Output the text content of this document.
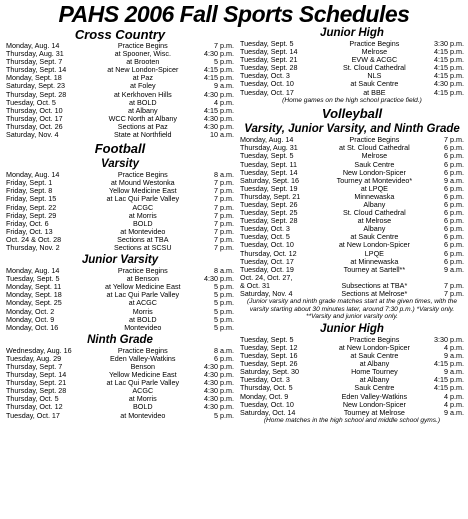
PAHS 2006 Fall Sports Schedules
Cross Country
Monday, Aug. 14	Practice Begins	7 p.m.
Thursday, Aug. 31	at Spooner, Wisc.	4:30 p.m.
Thursday, Sept. 7	at Brooten	5 p.m.
Thursday, Sept. 14	at New London-Spicer	4:15 p.m.
Monday, Sept. 18	at Paz	4:15 p.m.
Saturday, Sept. 23	at Foley	9 a.m.
Thursday, Sept. 28	at Kerkhoven Hills	4:30 p.m.
Tuesday, Oct. 5	at BOLD	4 p.m.
Thursday, Oct. 10	at Albany	4:15 p.m.
Thursday, Oct. 17	WCC North at Albany	4:30 p.m.
Thursday, Oct. 26	Sections at Paz	4:30 p.m.
Saturday, Nov. 4	State at Northfield	10 a.m.
Football
Varsity
Monday, Aug. 14	Practice Begins	8 a.m.
Friday, Sept. 1	at Mound Westonka	7 p.m.
Friday, Sept. 8	Yellow Medicine East	7 p.m.
Friday, Sept. 15	at Lac Qui Parle Valley	7 p.m.
Friday, Sept. 22	ACGC	7 p.m.
Friday, Sept. 29	at Morris	7 p.m.
Friday, Oct. 6	BOLD	7 p.m.
Friday, Oct. 13	at Montevideo	7 p.m.
Oct. 24 & Oct. 28	Sections at TBA	7 p.m.
Thursday, Nov. 2	Sections at SCSU	7 p.m.
Junior Varsity
Monday, Aug. 14	Practice Begins	8 a.m.
Tuesday, Sept. 5	at Benson	4:30 p.m.
Monday, Sept. 11	at Yellow Medicine East	5 p.m.
Monday, Sept. 18	at Lac Qui Parle Valley	5 p.m.
Monday, Sept. 25	at ACGC	5 p.m.
Monday, Oct. 2	Morris	5 p.m.
Monday, Oct. 9	at BOLD	5 p.m.
Monday, Oct. 16	Montevideo	5 p.m.
Ninth Grade
Wednesday, Aug. 16	Practice Begins	8 a.m.
Tuesday, Aug. 29	Eden Valley-Watkins	6 p.m.
Thursday, Sept. 7	Benson	4:30 p.m.
Thursday, Sept. 14	Yellow Medicine East	4:30 p.m.
Thursday, Sept. 21	at Lac Qui Parle Valley	4:30 p.m.
Thursday, Sept. 28	ACGC	4:30 p.m.
Thursday, Oct. 5	at Morris	4:30 p.m.
Thursday, Oct. 12	BOLD	4:30 p.m.
Tuesday, Oct. 17	at Montevideo	5 p.m.
Junior High
Tuesday, Sept. 5	Practice Begins	3:30 p.m.
Tuesday, Sept. 14	Melrose	4:15 p.m.
Tuesday, Sept. 21	EVW & ACGC	4:15 p.m.
Tuesday, Sept. 28	St. Cloud Cathedral	4:15 p.m.
Tuesday, Oct. 3	NLS	4:15 p.m.
Tuesday, Oct. 10	at Sauk Centre	4:30 p.m.
Tuesday, Oct. 17	at BBE	4:15 p.m.
(Home games on the high school practice field.)
Volleyball
Varsity, Junior Varsity, and Ninth Grade
Monday, Aug. 14	Practice Begins	7 p.m.
Thursday, Aug. 31	at St. Cloud Cathedral	6 p.m.
Tuesday, Sept. 5	Melrose	6 p.m.
Tuesday, Sept. 11	Sauk Centre	6 p.m.
Tuesday, Sept. 14	New London-Spicer	6 p.m.
Saturday, Sept. 16	Tourney at Montevideo*	9 a.m.
Tuesday, Sept. 19	at LPQE	6 p.m.
Thursday, Sept. 21	Minnewaska	6 p.m.
Tuesday, Sept. 26	Albany	6 p.m.
Tuesday, Sept. 25	St. Cloud Cathedral	6 p.m.
Tuesday, Sept. 28	at Melrose	6 p.m.
Tuesday, Oct. 3	Albany	6 p.m.
Tuesday, Oct. 5	at Sauk Centre	6 p.m.
Tuesday, Oct. 10	at New London-Spicer	6 p.m.
Thursday, Oct. 12	LPQE	6 p.m.
Tuesday, Oct. 17	at Minnewaska	6 p.m.
Tuesday, Oct. 19	Tourney at Sartell**	9 a.m.
Oct. 24, Oct. 27,		
& Oct. 31	Subsections at TBA*	7 p.m.
Saturday, Nov. 4	Sections at Melrose*	7 p.m.
(Junior varsity and ninth grade matches start at the given times, with the varsity starting about 30 minutes later, around 7:30 p.m.) *Varsity only. **Varsity and junior varsity only.
Junior High
Tuesday, Sept. 5	Practice Begins	3:30 p.m.
Tuesday, Sept. 12	at New London-Spicer	4 p.m.
Tuesday, Sept. 16	at Sauk Centre	9 a.m.
Tuesday, Sept. 26	at Albany	4:15 p.m.
Saturday, Sept. 30	Home Tourney	9 a.m.
Tuesday, Oct. 3	at Albany	4:15 p.m.
Thursday, Oct. 5	Sauk Centre	4:15 p.m.
Monday, Oct. 9	Eden Valley-Watkins	4 p.m.
Tuesday, Oct. 10	New London-Spicer	4 p.m.
Saturday, Oct. 14	Tourney at Melrose	9 a.m.
(Home matches in the high school and middle school gyms.)
